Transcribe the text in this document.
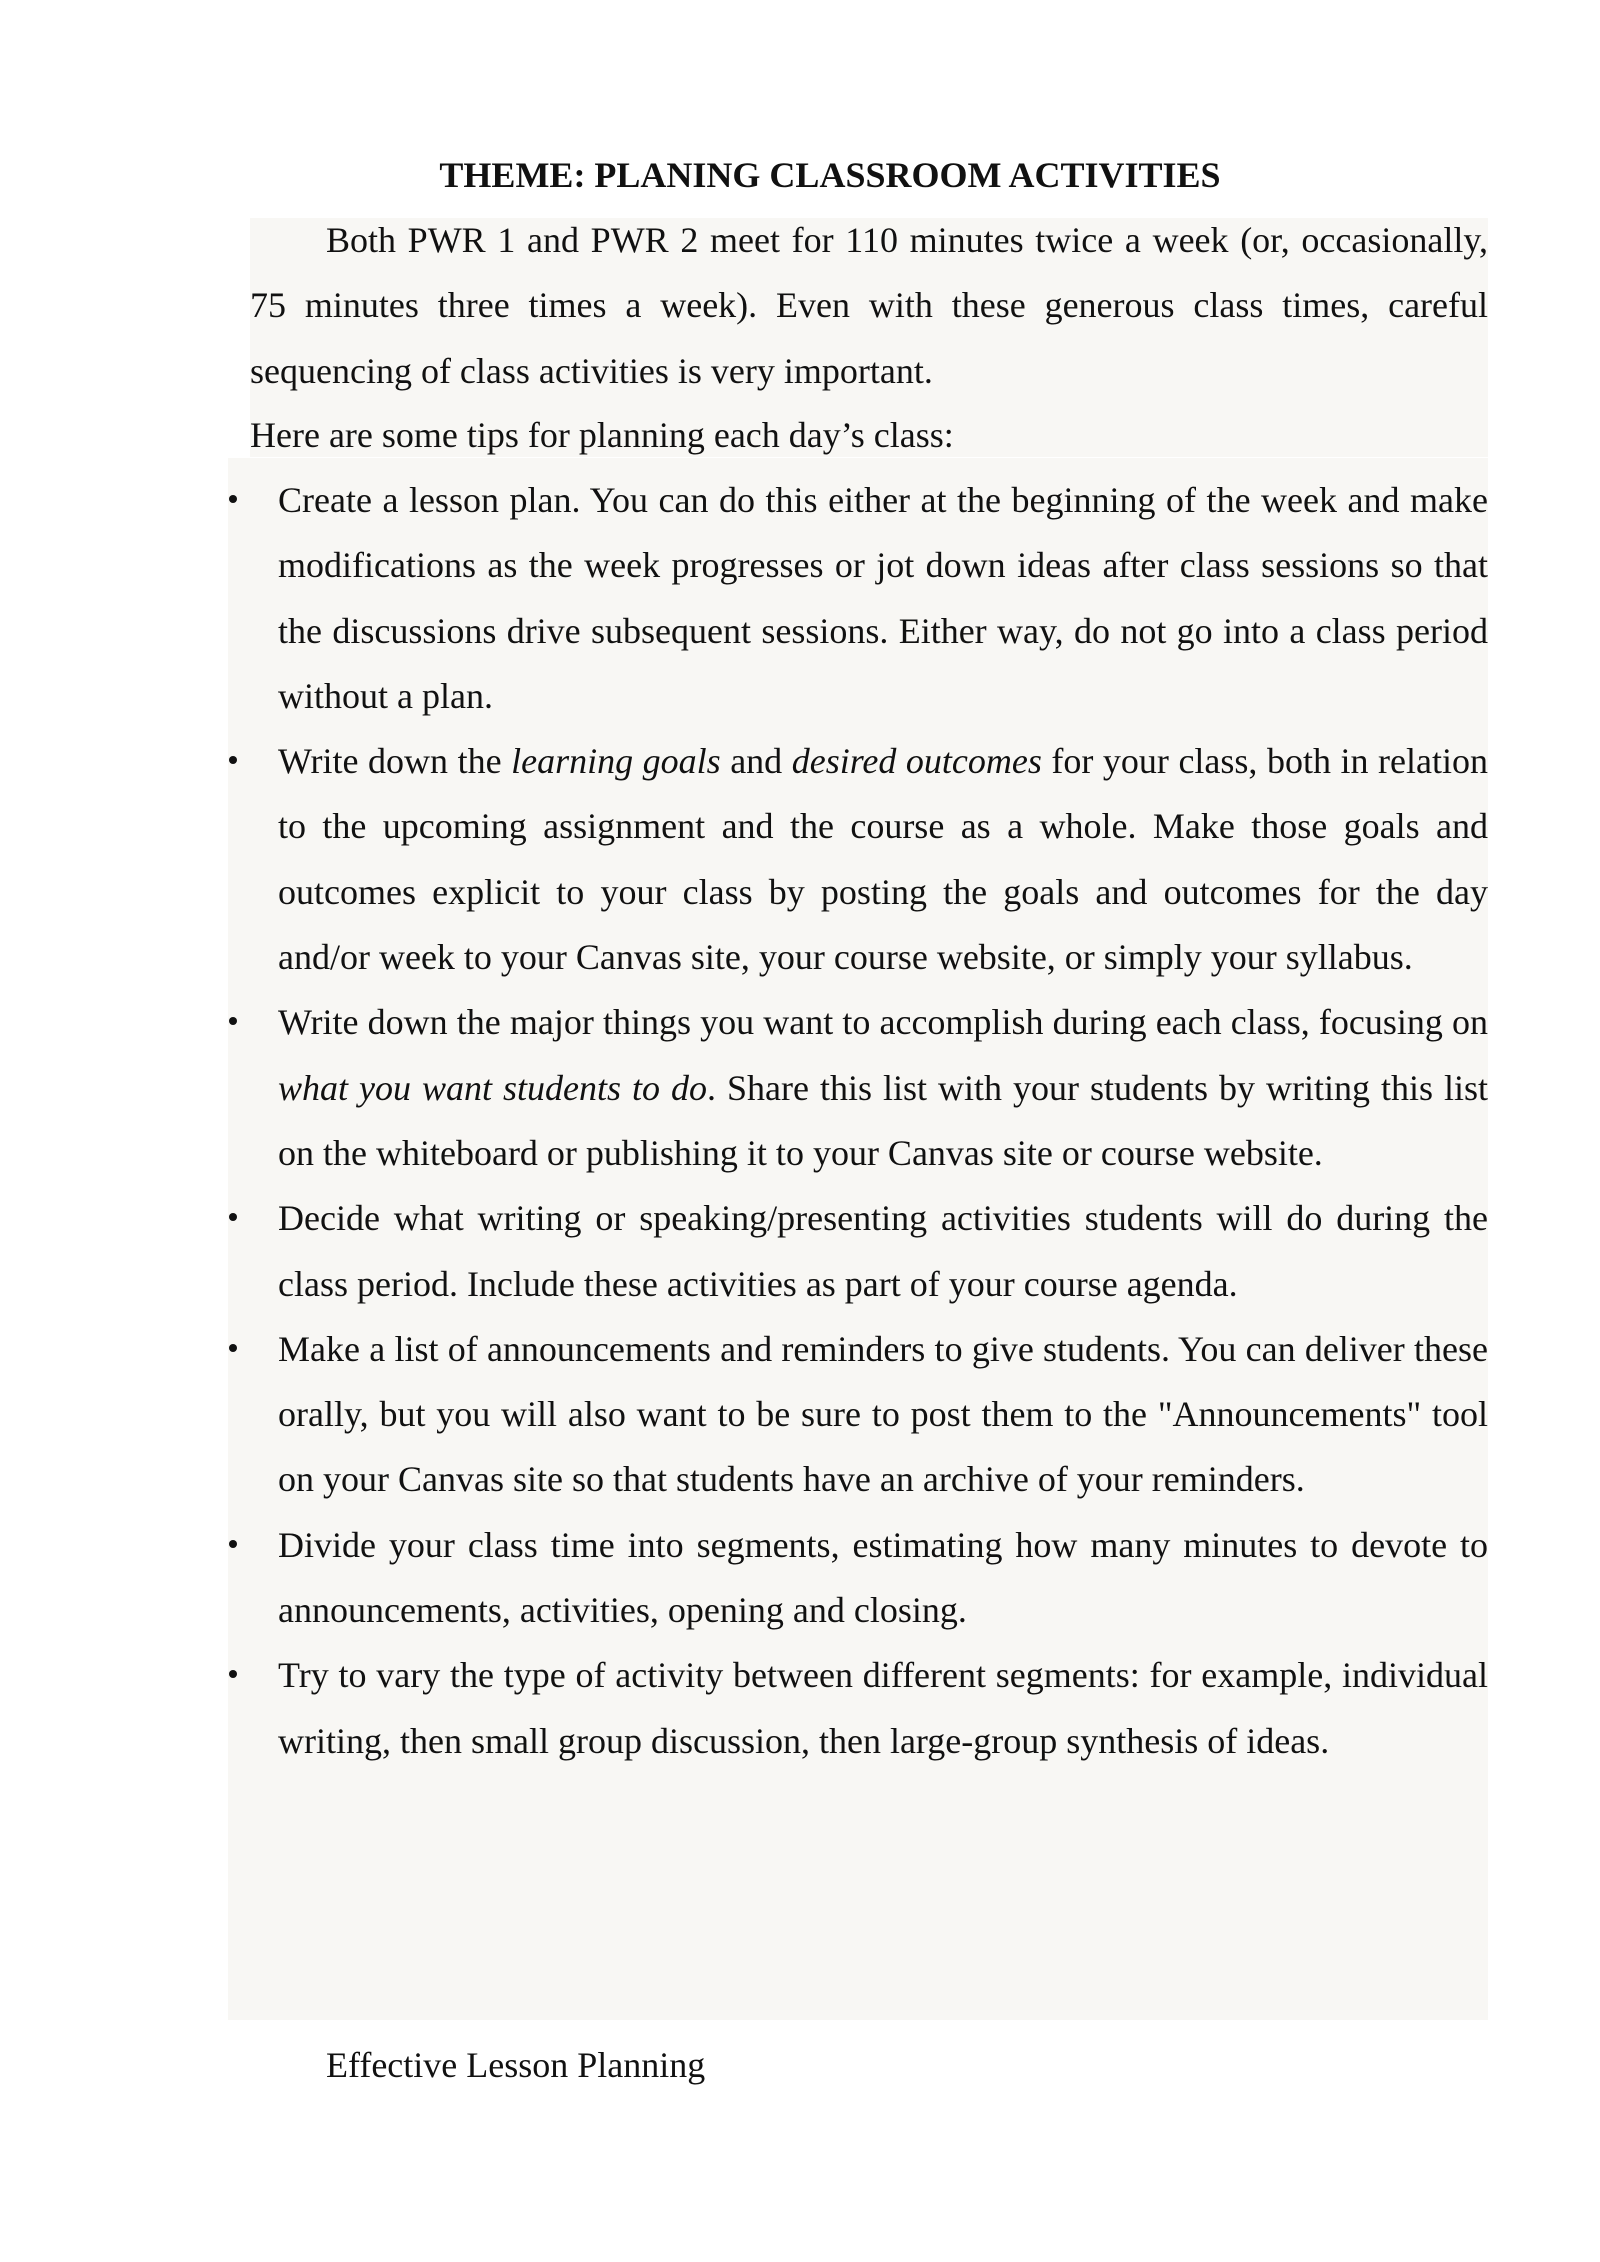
THEME: PLANING CLASSROOM ACTIVITIES
Both PWR 1 and PWR 2 meet for 110 minutes twice a week (or, occasionally, 75 minutes three times a week). Even with these generous class times, careful sequencing of class activities is very important.
Here are some tips for planning each day’s class:
Create a lesson plan. You can do this either at the beginning of the week and make modifications as the week progresses or jot down ideas after class sessions so that the discussions drive subsequent sessions. Either way, do not go into a class period without a plan.
Write down the learning goals and desired outcomes for your class, both in relation to the upcoming assignment and the course as a whole. Make those goals and outcomes explicit to your class by posting the goals and outcomes for the day and/or week to your Canvas site, your course website, or simply your syllabus.
Write down the major things you want to accomplish during each class, focusing on what you want students to do. Share this list with your students by writing this list on the whiteboard or publishing it to your Canvas site or course website.
Decide what writing or speaking/presenting activities students will do during the class period. Include these activities as part of your course agenda.
Make a list of announcements and reminders to give students. You can deliver these orally, but you will also want to be sure to post them to the "Announcements" tool on your Canvas site so that students have an archive of your reminders.
Divide your class time into segments, estimating how many minutes to devote to announcements, activities, opening and closing.
Try to vary the type of activity between different segments: for example, individual writing, then small group discussion, then large-group synthesis of ideas.
Effective Lesson Planning
